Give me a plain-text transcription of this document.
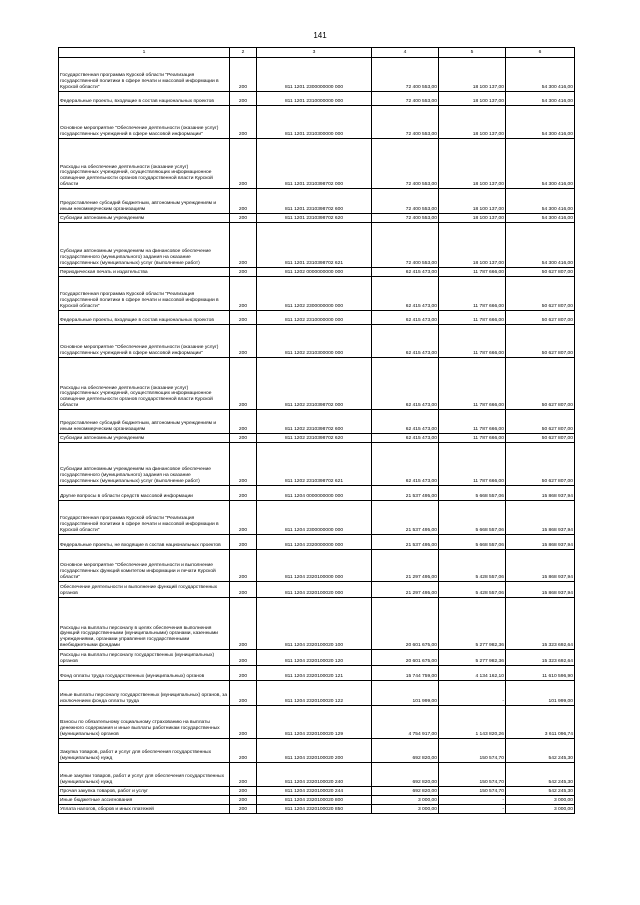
141
1	2	3	4	5	6
Государственная программа Курской области "Реализация государственной политики в сфере печати и массовой информации в Курской области"	200	811 1201 2300000000 000	72 400 553,00	18 100 137,00	54 300 416,00
Федеральные проекты, входящие в состав национальных проектов	200	811 1201 2310000000 000	72 400 553,00	18 100 137,00	54 300 416,00
Основное мероприятие "Обеспечение деятельности (оказание услуг) государственных учреждений в сфере массовой информации"	200	811 1201 2310300000 000	72 400 553,00	18 100 137,00	54 300 416,00
Расходы на обеспечение деятельности (оказание услуг) государственных учреждений, осуществляющих информационное освещение деятельности органов государственной власти Курской области	200	811 1201 2310398702 000	72 400 553,00	18 100 137,00	54 300 416,00
Предоставление субсидий бюджетным, автономным учреждениям и иным некоммерческим организациям	200	811 1201 2310398702 600	72 400 553,00	18 100 137,00	54 300 416,00
Субсидии автономным учреждениям	200	811 1201 2310398702 620	72 400 553,00	18 100 137,00	54 300 416,00
Субсидии автономным учреждениям на финансовое обеспечение государственного (муниципального) задания на оказание государственных (муниципальных) услуг (выполнение работ)	200	811 1201 2310398702 621	72 400 553,00	18 100 137,00	54 300 416,00
Периодическая печать и издательства	200	811 1202 0000000000 000	62 415 473,00	11 787 666,00	50 627 807,00
Государственная программа Курской области "Реализация государственной политики в сфере печати и массовой информации в Курской области"	200	811 1202 2300000000 000	62 415 473,00	11 787 666,00	50 627 807,00
Федеральные проекты, входящие в состав национальных проектов	200	811 1202 2310000000 000	62 415 473,00	11 787 666,00	50 627 807,00
Основное мероприятие "Обеспечение деятельности (оказание услуг) государственных учреждений в сфере массовой информации"	200	811 1202 2310300000 000	62 415 473,00	11 787 666,00	50 627 807,00
Расходы на обеспечение деятельности (оказание услуг) государственных учреждений, осуществляющих информационное освещение деятельности органов государственной власти Курской области	200	811 1202 2310398702 000	62 415 473,00	11 787 666,00	50 627 807,00
Предоставление субсидий бюджетным, автономным учреждениям и иным некоммерческим организациям	200	811 1202 2310398702 600	62 415 473,00	11 787 666,00	50 627 807,00
Субсидии автономным учреждениям	200	811 1202 2310398702 620	62 415 473,00	11 787 666,00	50 627 807,00
Субсидии автономным учреждениям на финансовое обеспечение государственного (муниципального) задания на оказание государственных (муниципальных) услуг (выполнение работ)	200	811 1202 2310398702 621	62 415 473,00	11 787 666,00	50 627 807,00
Другие вопросы в области средств массовой информации	200	811 1204 0000000000 000	21 537 495,00	5 668 557,06	15 868 937,94
Государственная программа Курской области "Реализация государственной политики в сфере печати и массовой информации в Курской области"	200	811 1204 2300000000 000	21 537 495,00	5 668 557,06	15 868 937,94
Федеральные проекты, не входящие в состав национальных проектов	200	811 1204 2320000000 000	21 537 495,00	5 668 557,06	15 868 937,94
Основное мероприятие "Обеспечение деятельности и выполнение государственных функций комитетом информации и печати Курской области"	200	811 1204 2320100000 000	21 297 495,00	5 428 557,06	15 868 937,94
Обеспечение деятельности и выполнение функций государственных органов	200	811 1204 2320100020 000	21 297 495,00	5 428 557,06	15 868 937,94
Расходы на выплаты персоналу в целях обеспечения выполнения функций государственными (муниципальными) органами, казенными учреждениями, органами управления государственными внебюджетными фондами	200	811 1204 2320100020 100	20 601 675,00	5 277 982,36	15 323 692,64
Расходы на выплаты персоналу государственных (муниципальных) органов	200	811 1204 2320100020 120	20 601 675,00	5 277 982,36	15 323 692,64
Фонд оплаты труда государственных (муниципальных) органов	200	811 1204 2320100020 121	15 744 759,00	4 134 162,10	11 610 596,90
Иные выплаты персоналу государственных (муниципальных) органов, за исключением фонда оплаты труда	200	811 1204 2320100020 122	101 999,00	-	101 999,00
Взносы по обязательному социальному страхованию на выплаты денежного содержания и иные выплаты работникам государственных (муниципальных) органов	200	811 1204 2320100020 129	4 754 917,00	1 143 820,26	3 611 096,74
Закупка товаров, работ и услуг для обеспечения государственных (муниципальных) нужд	200	811 1204 2320100020 200	692 820,00	150 574,70	542 245,30
Иные закупки товаров, работ и услуг для обеспечения государственных (муниципальных) нужд	200	811 1204 2320100020 240	692 820,00	150 574,70	542 245,30
Прочая закупка товаров, работ и услуг	200	811 1204 2320100020 244	692 820,00	150 574,70	542 245,30
Иные бюджетные ассигнования	200	811 1204 2320100020 800	3 000,00	-	3 000,00
Уплата налогов, сборов и иных платежей	200	811 1204 2320100020 850	3 000,00	-	3 000,00
